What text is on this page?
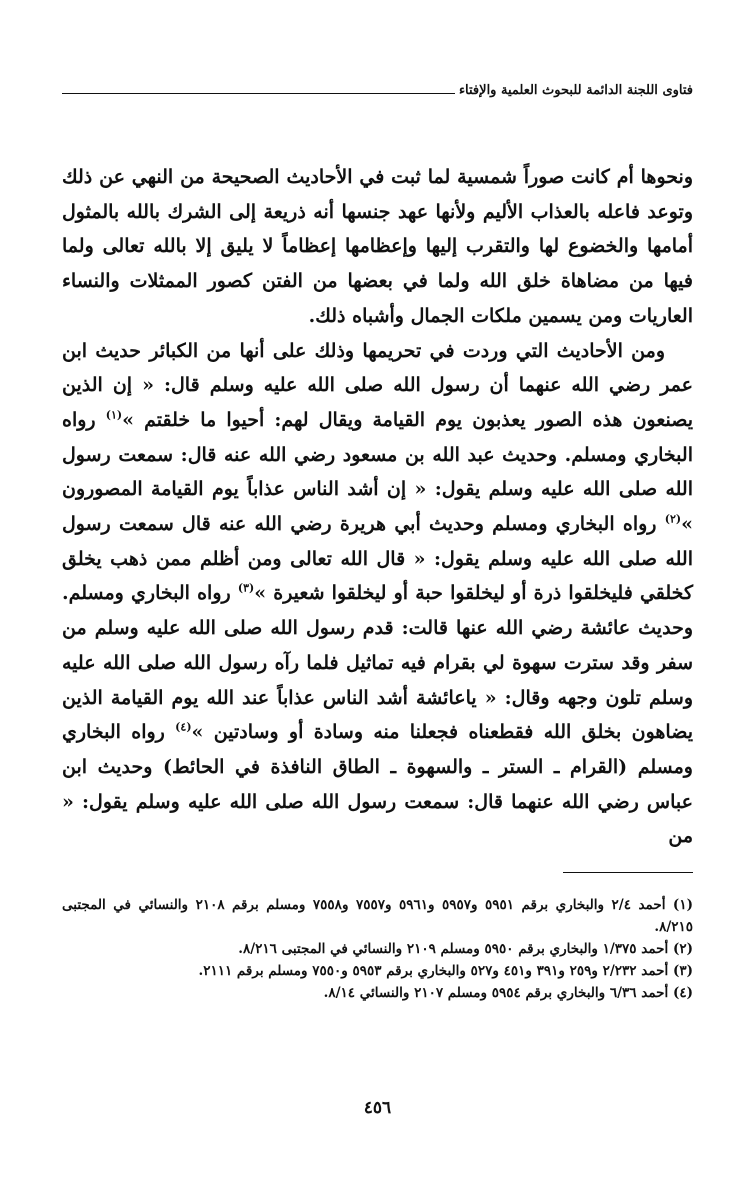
فتاوى اللجنة الدائمة للبحوث العلمية والإفتاء

ونحوها أم كانت صوراً شمسية لما ثبت في الأحاديث الصحيحة من النهي عن ذلك وتوعد فاعله بالعذاب الأليم ولأنها عهد جنسها أنه ذريعة إلى الشرك بالله بالمثول أمامها والخضوع لها والتقرب إليها وإعظامها إعظاماً لا يليق إلا بالله تعالى ولما فيها من مضاهاة خلق الله ولما في بعضها من الفتن كصور الممثلات والنساء العاريات ومن يسمين ملكات الجمال وأشباه ذلك.

ومن الأحاديث التي وردت في تحريمها وذلك على أنها من الكبائر حديث ابن عمر رضي الله عنهما أن رسول الله صلى الله عليه وسلم قال: « إن الذين يصنعون هذه الصور يعذبون يوم القيامة ويقال لهم: أحيوا ما خلقتم »$^{(١)}$ رواه البخاري ومسلم. وحديث عبد الله بن مسعود رضي الله عنه قال: سمعت رسول الله صلى الله عليه وسلم يقول: « إن أشد الناس عذاباً يوم القيامة المصورون »$^{(٢)}$ رواه البخاري ومسلم وحديث أبي هريرة رضي الله عنه قال سمعت رسول الله صلى الله عليه وسلم يقول: « قال الله تعالى ومن أظلم ممن ذهب يخلق كخلقي فليخلقوا ذرة أو ليخلقوا حبة أو ليخلقوا شعيرة »$^{(٣)}$ رواه البخاري ومسلم. وحديث عائشة رضي الله عنها قالت: قدم رسول الله صلى الله عليه وسلم من سفر وقد سترت سهوة لي بقرام فيه تماثيل فلما رآه رسول الله صلى الله عليه وسلم تلون وجهه وقال: « ياعائشة أشد الناس عذاباً عند الله يوم القيامة الذين يضاهون بخلق الله فقطعناه فجعلنا منه وسادة أو وسادتين »$^{(٤)}$ رواه البخاري ومسلم (القرام ـ الستر ـ والسهوة ـ الطاق النافذة في الحائط) وحديث ابن عباس رضي الله عنهما قال: سمعت رسول الله صلى الله عليه وسلم يقول: « من

(١) أحمد ٢/٤ والبخاري برقم ٥٩٥١ و٥٩٥٧ و٥٩٦١ و٧٥٥٧ و٧٥٥٨ ومسلم برقم ٢١٠٨ والنسائي في المجتبى ٨/٢١٥.

(٢) أحمد ١/٣٧٥ والبخاري برقم ٥٩٥٠ ومسلم ٢١٠٩ والنسائي في المجتبى ٨/٢١٦.

(٣) أحمد ٢/٢٣٢ و٢٥٩ و٣٩١ و٤٥١ و٥٢٧ والبخاري برقم ٥٩٥٣ و٧٥٥٠ ومسلم برقم ٢١١١.

(٤) أحمد ٦/٣٦ والبخاري برقم ٥٩٥٤ ومسلم ٢١٠٧ والنسائي ٨/١٤.

٤٥٦
